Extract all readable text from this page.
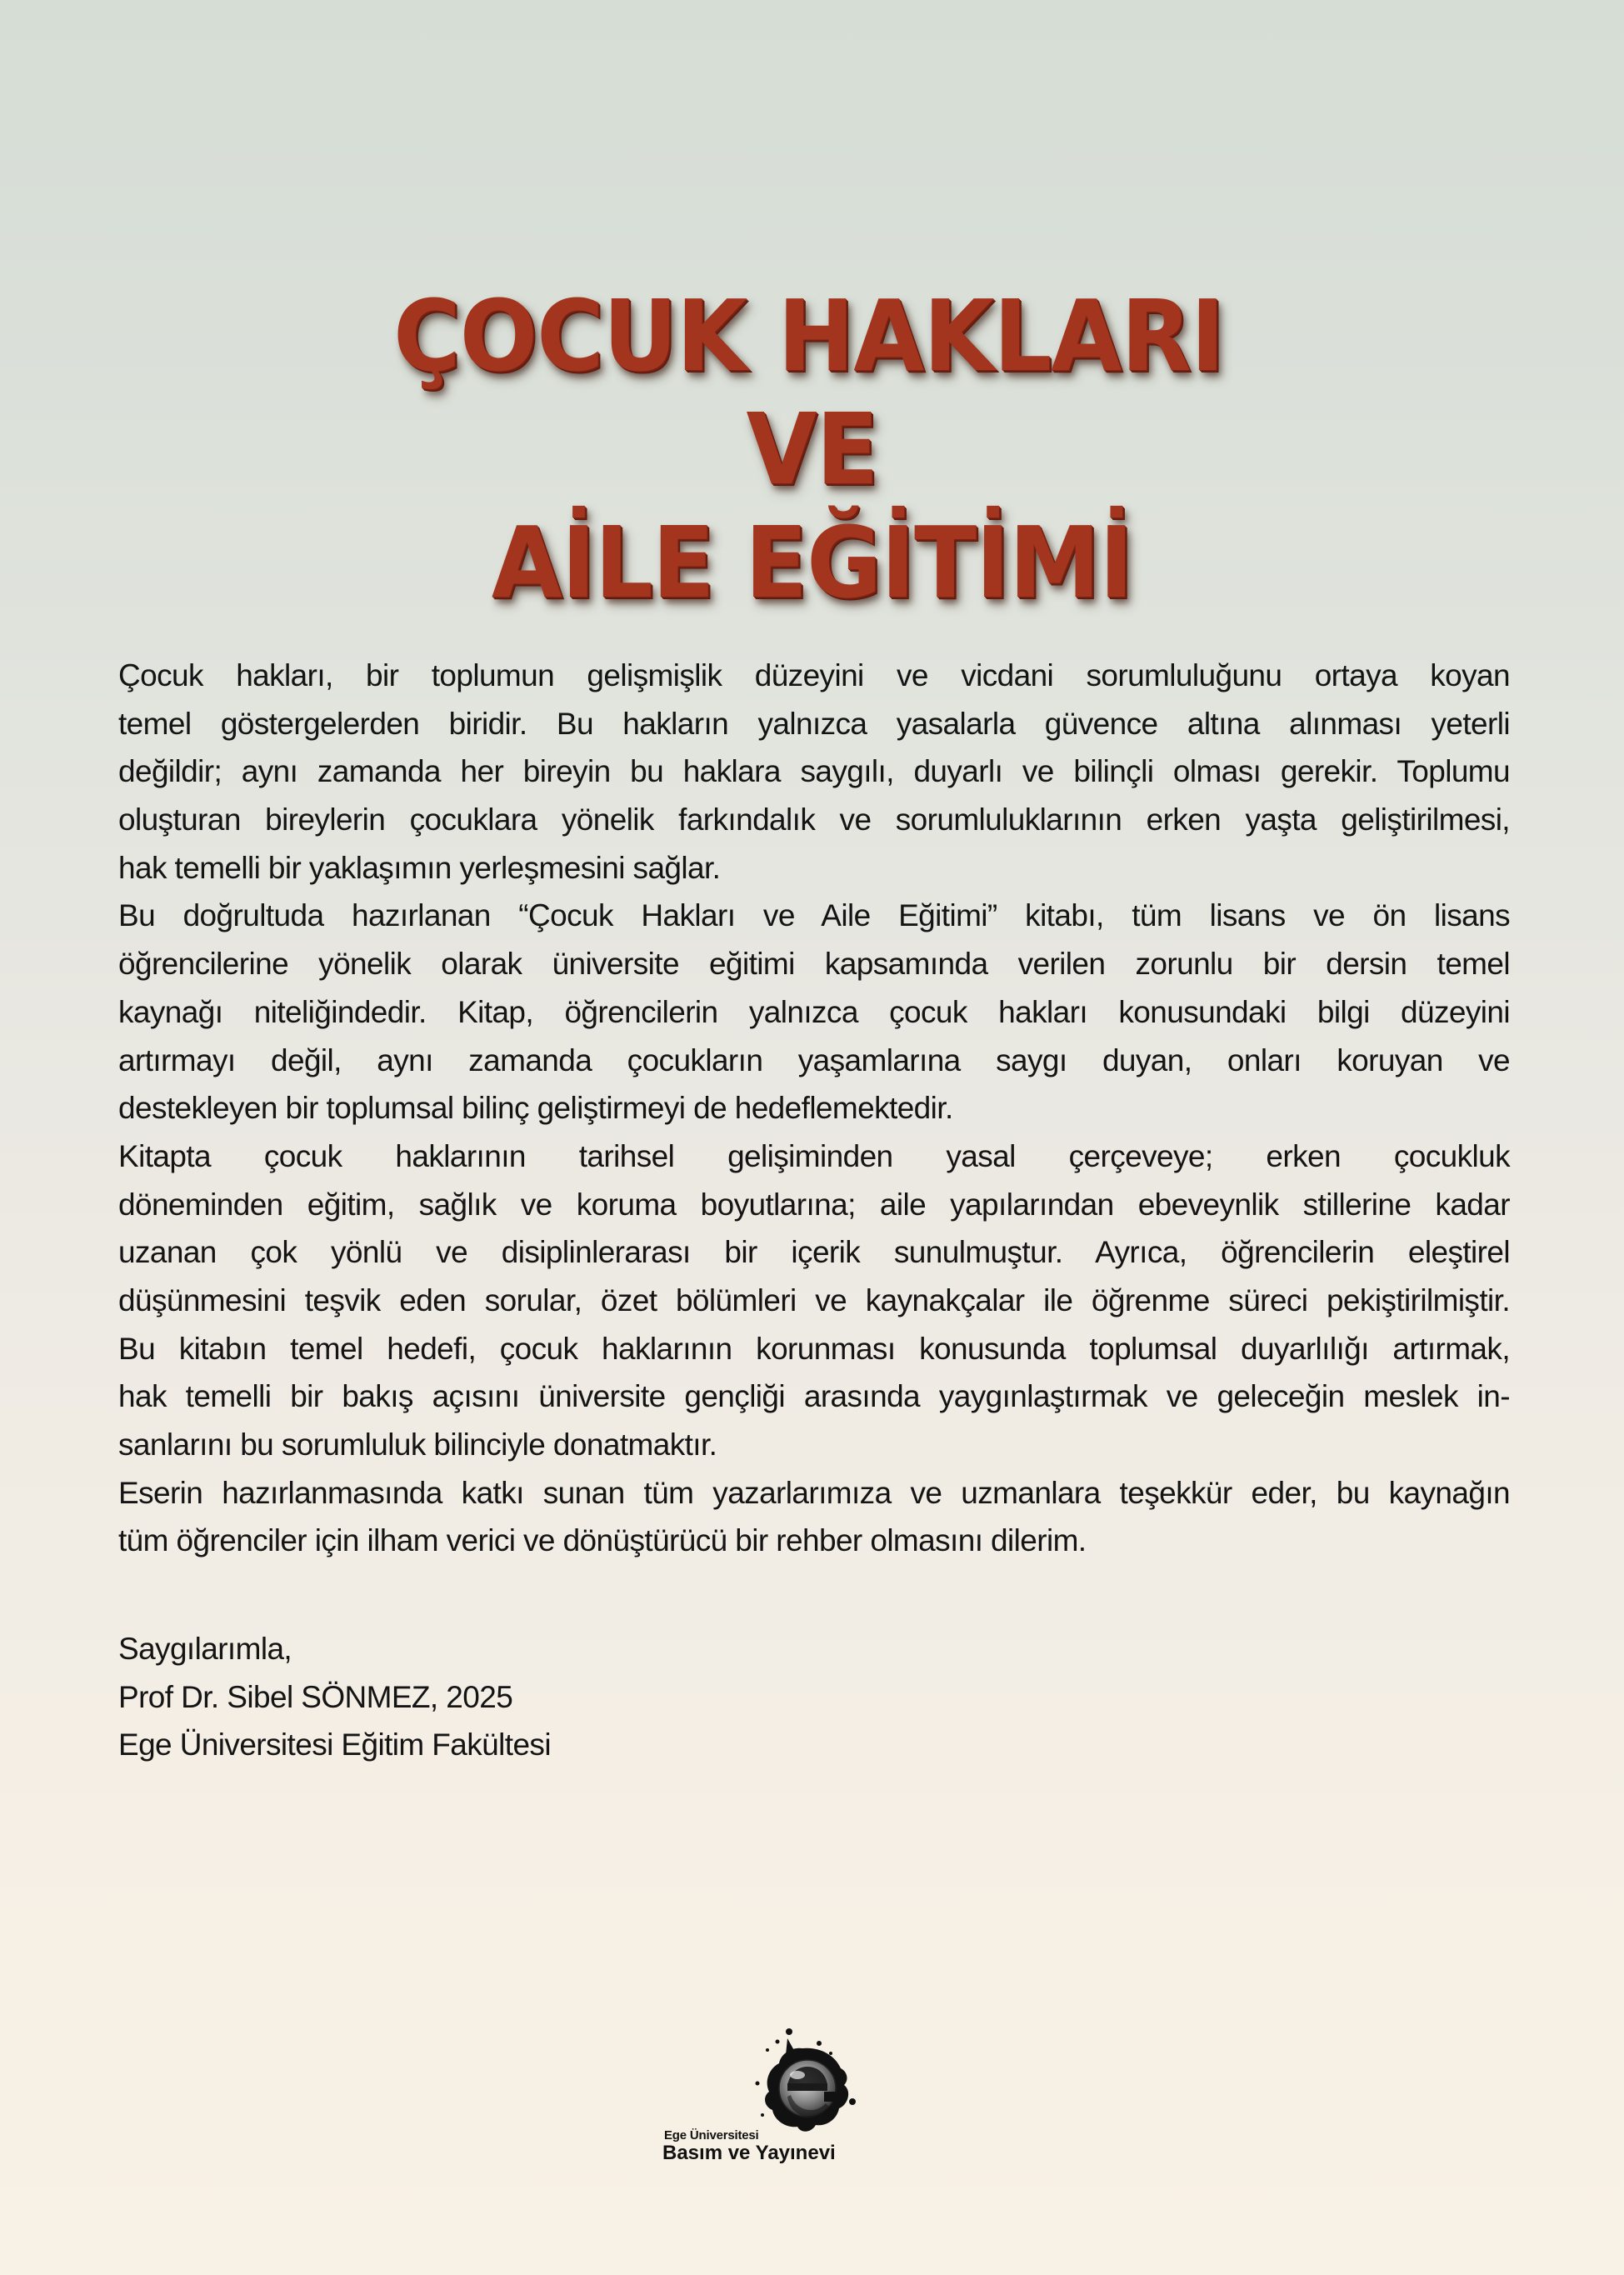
ÇOCUK HAKLARI
VE
AİLE EĞİTİMİ
Çocuk hakları, bir toplumun gelişmişlik düzeyini ve vicdani sorumluluğunu ortaya koyan
temel göstergelerden biridir. Bu hakların yalnızca yasalarla güvence altına alınması yeterli
değildir; aynı zamanda her bireyin bu haklara saygılı, duyarlı ve bilinçli olması gerekir. Toplumu
oluşturan bireylerin çocuklara yönelik farkındalık ve sorumluluklarının erken yaşta geliştirilmesi,
hak temelli bir yaklaşımın yerleşmesini sağlar.
Bu doğrultuda hazırlanan “Çocuk Hakları ve Aile Eğitimi” kitabı, tüm lisans ve ön lisans
öğrencilerine yönelik olarak üniversite eğitimi kapsamında verilen zorunlu bir dersin temel
kaynağı niteliğindedir. Kitap, öğrencilerin yalnızca çocuk hakları konusundaki bilgi düzeyini
artırmayı değil, aynı zamanda çocukların yaşamlarına saygı duyan, onları koruyan ve
destekleyen bir toplumsal bilinç geliştirmeyi de hedeflemektedir.
Kitapta çocuk haklarının tarihsel gelişiminden yasal çerçeveye; erken çocukluk
döneminden eğitim, sağlık ve koruma boyutlarına; aile yapılarından ebeveynlik stillerine kadar
uzanan çok yönlü ve disiplinlerarası bir içerik sunulmuştur. Ayrıca, öğrencilerin eleştirel
düşünmesini teşvik eden sorular, özet bölümleri ve kaynakçalar ile öğrenme süreci pekiştirilmiştir.
Bu kitabın temel hedefi, çocuk haklarının korunması konusunda toplumsal duyarlılığı artırmak,
hak temelli bir bakış açısını üniversite gençliği arasında yaygınlaştırmak ve geleceğin meslek in-
sanlarını bu sorumluluk bilinciyle donatmaktır.
Eserin hazırlanmasında katkı sunan tüm yazarlarımıza ve uzmanlara teşekkür eder, bu kaynağın
tüm öğrenciler için ilham verici ve dönüştürücü bir rehber olmasını dilerim.
Saygılarımla,
Prof Dr. Sibel SÖNMEZ, 2025
Ege Üniversitesi Eğitim Fakültesi
Ege Üniversitesi
Basım ve Yayınevi
